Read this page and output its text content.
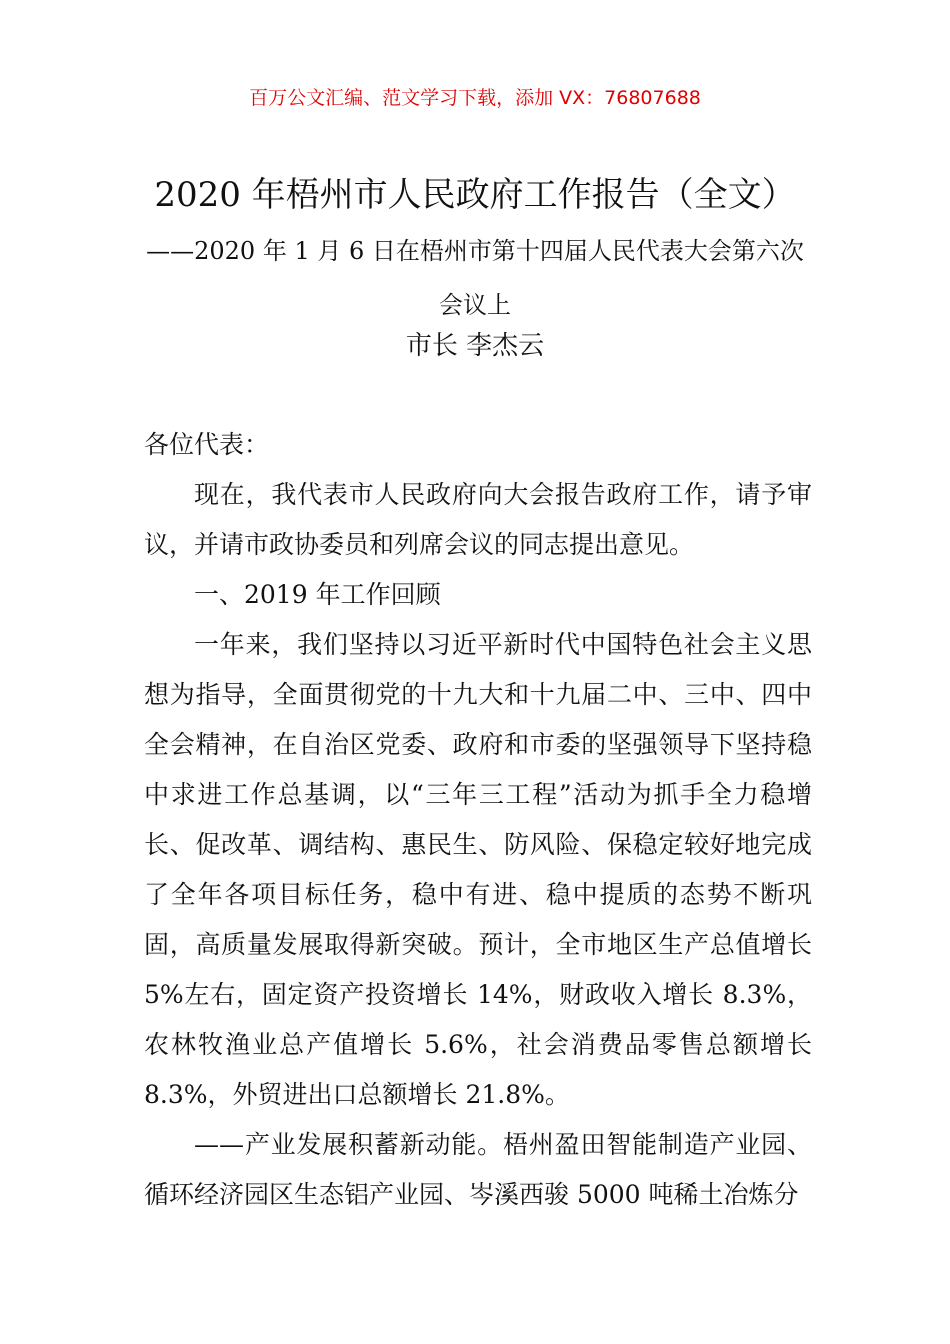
百万公文汇编、范文学习下载，添加 VX：76807688
2020 年梧州市人民政府工作报告（全文）
——2020 年 1 月 6 日在梧州市第十四届人民代表大会第六次会议上
市长 李杰云

各位代表：

现在，我代表市人民政府向大会报告政府工作，请予审议，并请市政协委员和列席会议的同志提出意见。

一、2019 年工作回顾

一年来，我们坚持以习近平新时代中国特色社会主义思想为指导，全面贯彻党的十九大和十九届二中、三中、四中全会精神，在自治区党委、政府和市委的坚强领导下坚持稳中求进工作总基调，以“三年三工程”活动为抓手全力稳增长、促改革、调结构、惠民生、防风险、保稳定较好地完成了全年各项目标任务，稳中有进、稳中提质的态势不断巩固，高质量发展取得新突破。预计，全市地区生产总值增长 5%左右，固定资产投资增长 14%，财政收入增长 8.3%，农林牧渔业总产值增长 5.6%，社会消费品零售总额增长 8.3%，外贸进出口总额增长 21.8%。

——产业发展积蓄新动能。梧州盈田智能制造产业园、循环经济园区生态铝产业园、岑溪西骏 5000 吨稀土冶炼分
